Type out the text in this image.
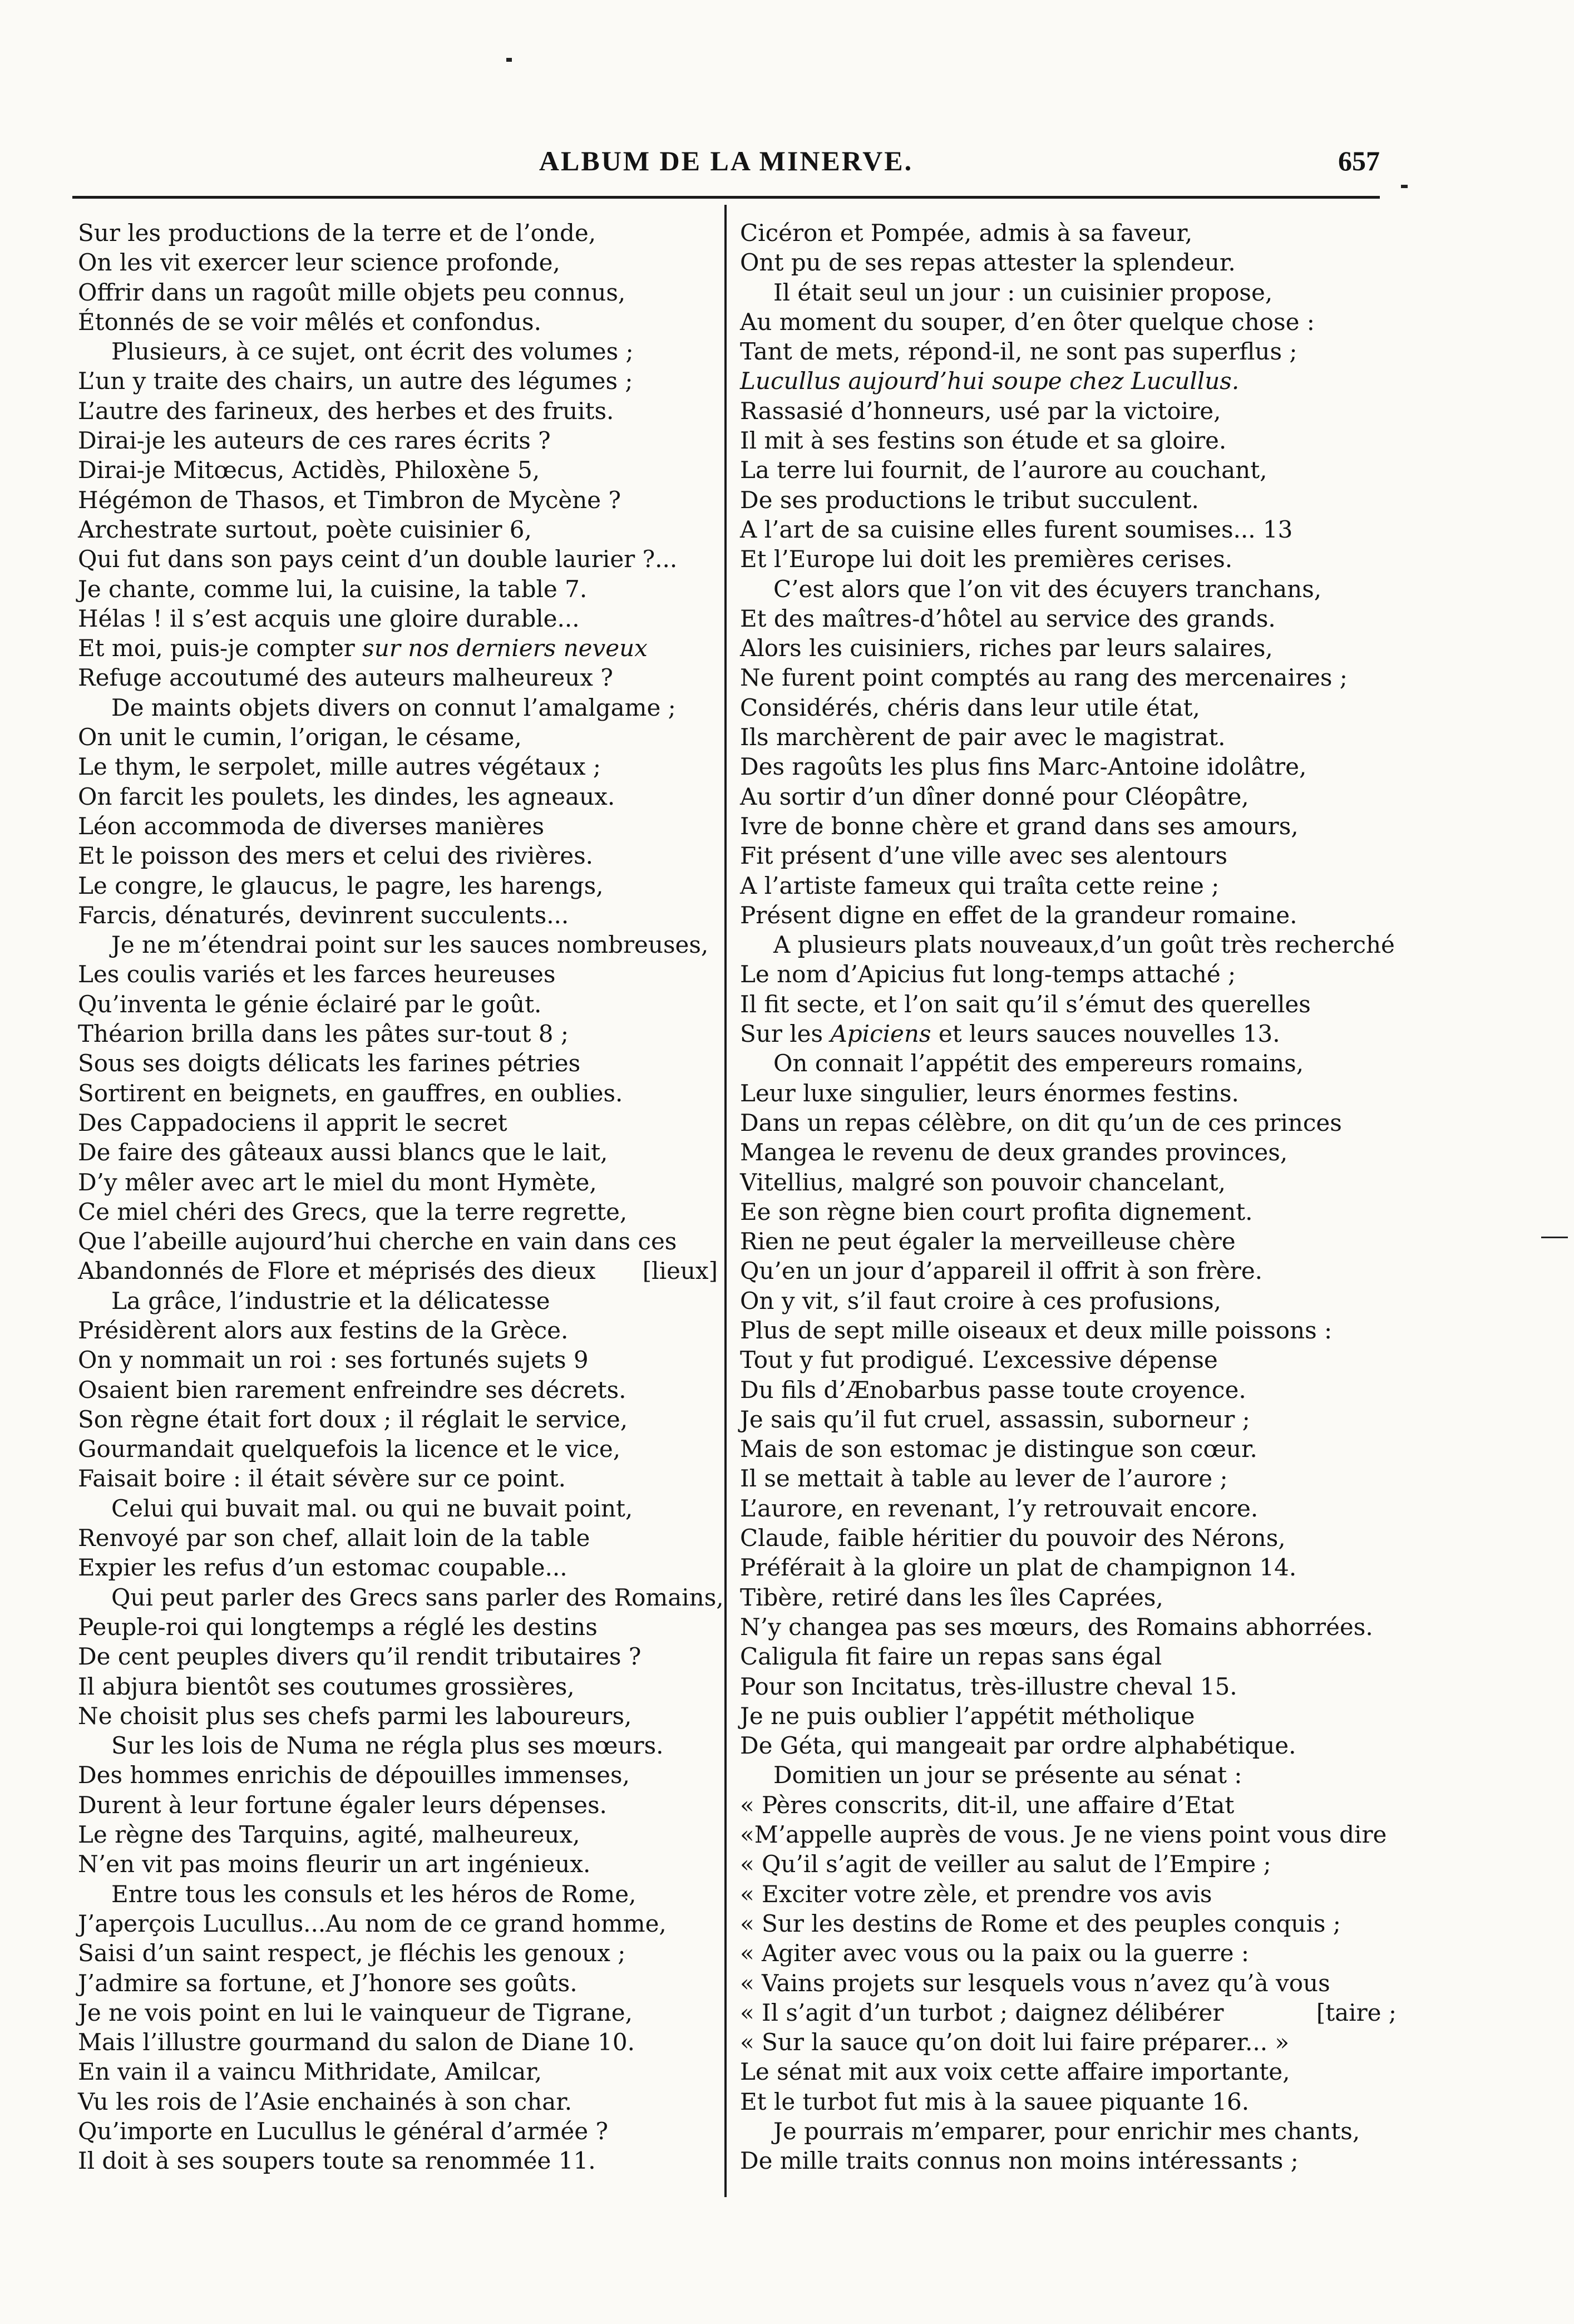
ALBUM DE LA MINERVE.	657
Sur les productions de la terre et de l’onde,
On les vit exercer leur science profonde,
Offrir dans un ragoût mille objets peu connus,
Étonnés de se voir mêlés et confondus.
Plusieurs, à ce sujet, ont écrit des volumes ;
L’un y traite des chairs, un autre des légumes ;
L’autre des farineux, des herbes et des fruits.
Dirai-je les auteurs de ces rares écrits ?
Dirai-je Mitœcus, Actidès, Philoxène 5,
Hégémon de Thasos, et Timbron de Mycène ?
Archestrate surtout, poète cuisinier 6,
Qui fut dans son pays ceint d’un double laurier ?...
Je chante, comme lui, la cuisine, la table 7.
Hélas ! il s’est acquis une gloire durable...
Et moi, puis-je compter sur nos derniers neveux
Refuge accoutumé des auteurs malheureux ?
De maints objets divers on connut l’amalgame ;
On unit le cumin, l’origan, le césame,
Le thym, le serpolet, mille autres végétaux ;
On farcit les poulets, les dindes, les agneaux.
Léon accommoda de diverses manières
Et le poisson des mers et celui des rivières.
Le congre, le glaucus, le pagre, les harengs,
Farcis, dénaturés, devinrent succulents...
Je ne m’étendrai point sur les sauces nombreuses,
Les coulis variés et les farces heureuses
Qu’inventa le génie éclairé par le goût.
Théarion brilla dans les pâtes sur-tout 8 ;
Sous ses doigts délicats les farines pétries
Sortirent en beignets, en gauffres, en oublies.
Des Cappadociens il apprit le secret
De faire des gâteaux aussi blancs que le lait,
D’y mêler avec art le miel du mont Hymète,
Ce miel chéri des Grecs, que la terre regrette,
Que l’abeille aujourd’hui cherche en vain dans ces
Abandonnés de Flore et méprisés des dieux [lieux]
La grâce, l’industrie et la délicatesse
Présidèrent alors aux festins de la Grèce.
On y nommait un roi : ses fortunés sujets 9
Osaient bien rarement enfreindre ses décrets.
Son règne était fort doux ; il réglait le service,
Gourmandait quelquefois la licence et le vice,
Faisait boire : il était sévère sur ce point.
Celui qui buvait mal. ou qui ne buvait point,
Renvoyé par son chef, allait loin de la table
Expier les refus d’un estomac coupable...
Qui peut parler des Grecs sans parler des Romains,
Peuple-roi qui longtemps a réglé les destins
De cent peuples divers qu’il rendit tributaires ?
Il abjura bientôt ses coutumes grossières,
Ne choisit plus ses chefs parmi les laboureurs,
Sur les lois de Numa ne régla plus ses mœurs.
Des hommes enrichis de dépouilles immenses,
Durent à leur fortune égaler leurs dépenses.
Le règne des Tarquins, agité, malheureux,
N’en vit pas moins fleurir un art ingénieux.
Entre tous les consuls et les héros de Rome,
J’aperçois Lucullus...Au nom de ce grand homme,
Saisi d’un saint respect, je fléchis les genoux ;
J’admire sa fortune, et J’honore ses goûts.
Je ne vois point en lui le vainqueur de Tigrane,
Mais l’illustre gourmand du salon de Diane 10.
En vain il a vaincu Mithridate, Amilcar,
Vu les rois de l’Asie enchainés à son char.
Qu’importe en Lucullus le général d’armée ?
Il doit à ses soupers toute sa renommée 11.
Cicéron et Pompée, admis à sa faveur,
Ont pu de ses repas attester la splendeur.
Il était seul un jour : un cuisinier propose,
Au moment du souper, d’en ôter quelque chose :
Tant de mets, répond-il, ne sont pas superflus ;
Lucullus aujourd’hui soupe chez Lucullus.
Rassasié d’honneurs, usé par la victoire,
Il mit à ses festins son étude et sa gloire.
La terre lui fournit, de l’aurore au couchant,
De ses productions le tribut succulent.
A l’art de sa cuisine elles furent soumises... 13
Et l’Europe lui doit les premières cerises.
C’est alors que l’on vit des écuyers tranchans,
Et des maîtres-d’hôtel au service des grands.
Alors les cuisiniers, riches par leurs salaires,
Ne furent point comptés au rang des mercenaires ;
Considérés, chéris dans leur utile état,
Ils marchèrent de pair avec le magistrat.
Des ragoûts les plus fins Marc-Antoine idolâtre,
Au sortir d’un dîner donné pour Cléopâtre,
Ivre de bonne chère et grand dans ses amours,
Fit présent d’une ville avec ses alentours
A l’artiste fameux qui traîta cette reine ;
Présent digne en effet de la grandeur romaine.
A plusieurs plats nouveaux,d’un goût très recherché
Le nom d’Apicius fut long-temps attaché ;
Il fit secte, et l’on sait qu’il s’émut des querelles
Sur les Apiciens et leurs sauces nouvelles 13.
On connait l’appétit des empereurs romains,
Leur luxe singulier, leurs énormes festins.
Dans un repas célèbre, on dit qu’un de ces princes
Mangea le revenu de deux grandes provinces,
Vitellius, malgré son pouvoir chancelant,
Ee son règne bien court profita dignement.
Rien ne peut égaler la merveilleuse chère
Qu’en un jour d’appareil il offrit à son frère.
On y vit, s’il faut croire à ces profusions,
Plus de sept mille oiseaux et deux mille poissons :
Tout y fut prodigué. L’excessive dépense
Du fils d’Ænobarbus passe toute croyence.
Je sais qu’il fut cruel, assassin, suborneur ;
Mais de son estomac je distingue son cœur.
Il se mettait à table au lever de l’aurore ;
L’aurore, en revenant, l’y retrouvait encore.
Claude, faible héritier du pouvoir des Nérons,
Préférait à la gloire un plat de champignon 14.
Tibère, retiré dans les îles Caprées,
N’y changea pas ses mœurs, des Romains abhorrées.
Caligula fit faire un repas sans égal
Pour son Incitatus, très-illustre cheval 15.
Je ne puis oublier l’appétit métholique
De Géta, qui mangeait par ordre alphabétique.
Domitien un jour se présente au sénat :
« Pères conscrits, dit-il, une affaire d’Etat
«M’appelle auprès de vous. Je ne viens point vous dire
« Qu’il s’agit de veiller au salut de l’Empire ;
« Exciter votre zèle, et prendre vos avis
« Sur les destins de Rome et des peuples conquis ;
« Agiter avec vous ou la paix ou la guerre :
« Vains projets sur lesquels vous n’avez qu’à vous
« Il s’agit d’un turbot ; daignez délibérer	[taire ;
« Sur la sauce qu’on doit lui faire préparer... »
Le sénat mit aux voix cette affaire importante,
Et le turbot fut mis à la sauee piquante 16.
Je pourrais m’emparer, pour enrichir mes chants,
De mille traits connus non moins intéressants ;
